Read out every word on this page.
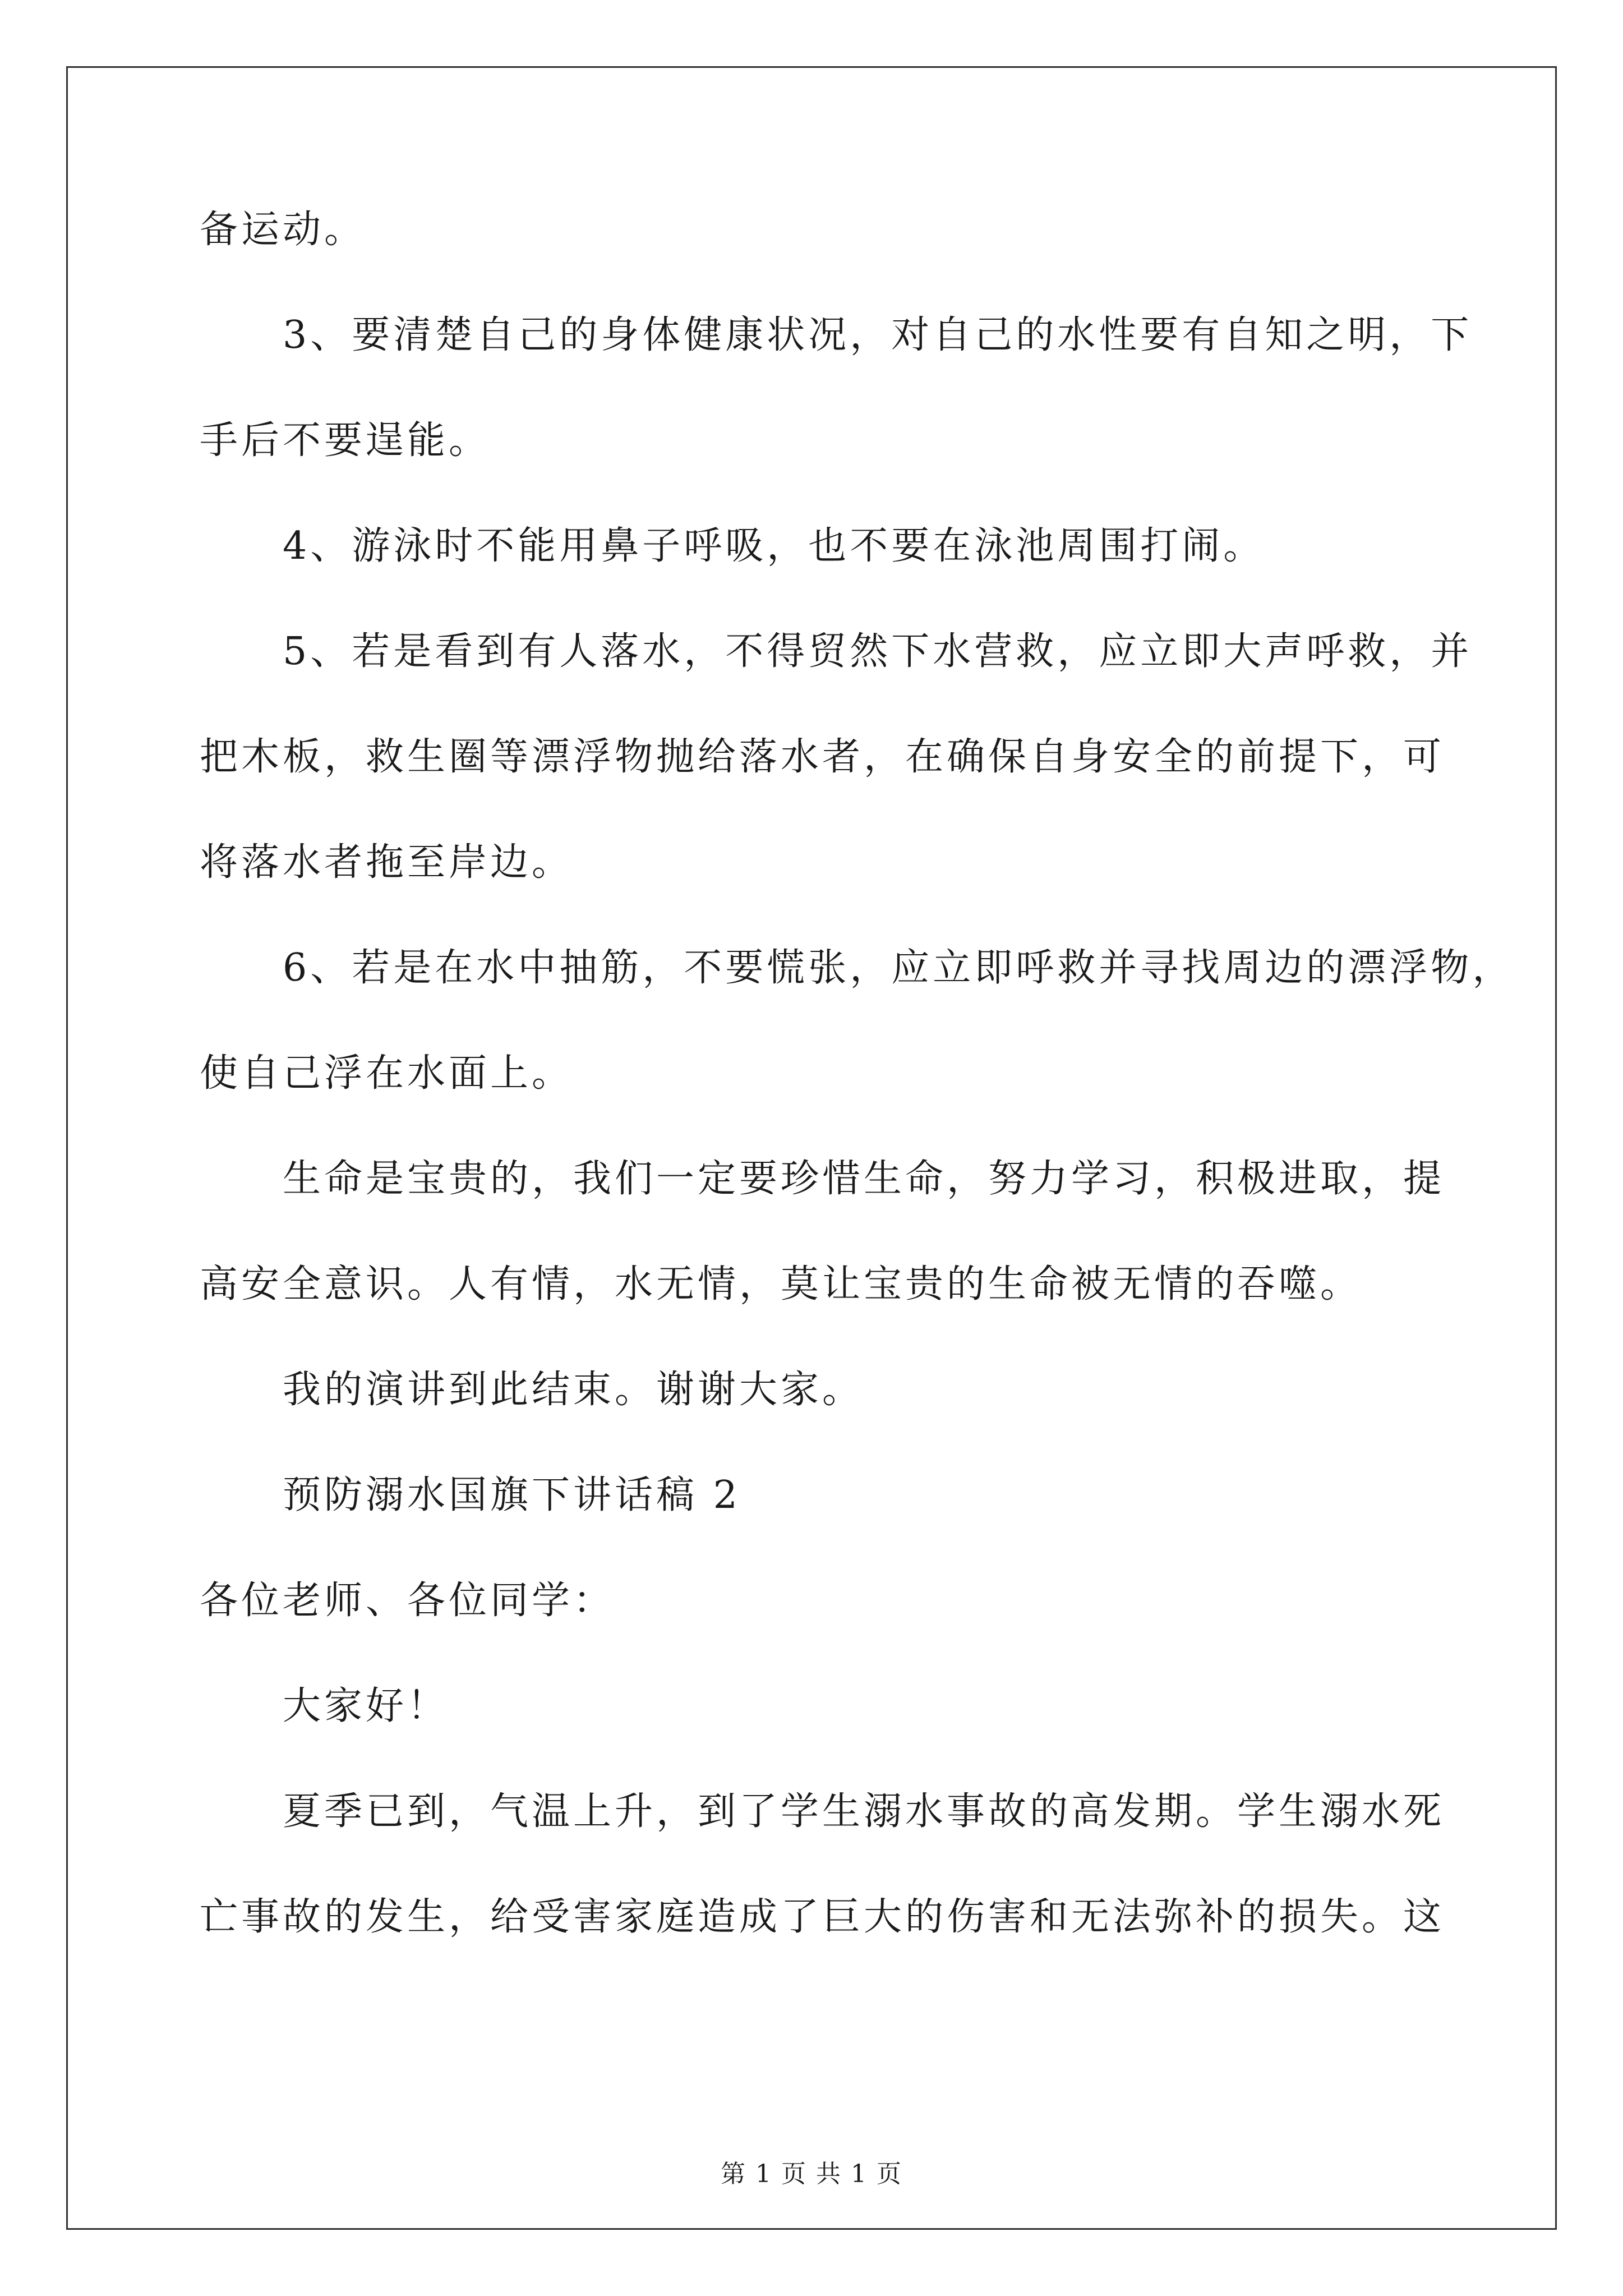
备运动。
3、要清楚自己的身体健康状况，对自己的水性要有自知之明，下
手后不要逞能。
4、游泳时不能用鼻子呼吸，也不要在泳池周围打闹。
5、若是看到有人落水，不得贸然下水营救，应立即大声呼救，并
把木板，救生圈等漂浮物抛给落水者，在确保自身安全的前提下，可
将落水者拖至岸边。
6、若是在水中抽筋，不要慌张，应立即呼救并寻找周边的漂浮物，
使自己浮在水面上。
生命是宝贵的，我们一定要珍惜生命，努力学习，积极进取，提
高安全意识。人有情，水无情，莫让宝贵的生命被无情的吞噬。
我的演讲到此结束。谢谢大家。
预防溺水国旗下讲话稿 2
各位老师、各位同学：
大家好！
夏季已到，气温上升，到了学生溺水事故的高发期。学生溺水死
亡事故的发生，给受害家庭造成了巨大的伤害和无法弥补的损失。这
第 1 页 共 1 页
